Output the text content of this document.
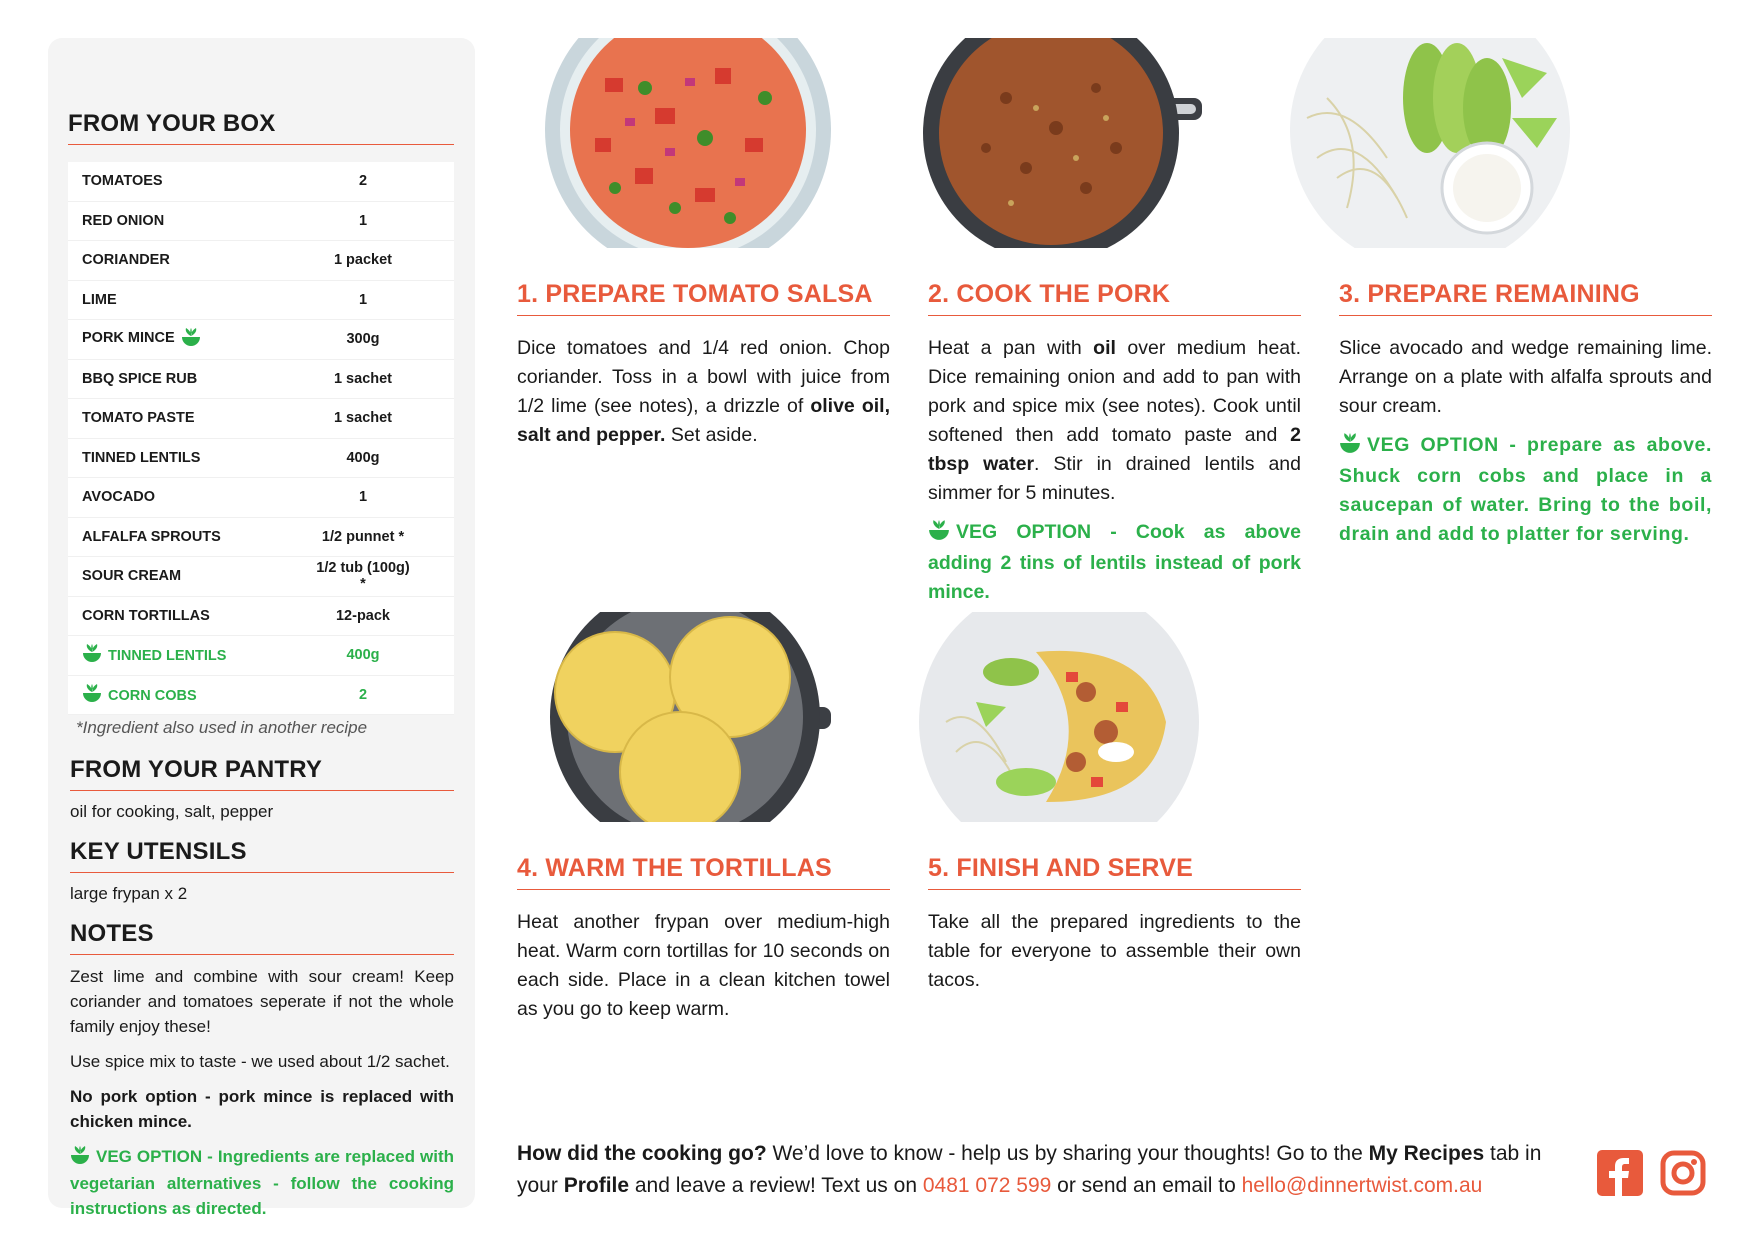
FROM YOUR BOX
TOMATOES	2
RED ONION	1
CORIANDER	1 packet
LIME	1
PORK MINCE	300g
BBQ SPICE RUB	1 sachet
TOMATO PASTE	1 sachet
TINNED LENTILS	400g
AVOCADO	1
ALFALFA SPROUTS	1/2 punnet *
SOUR CREAM	1/2 tub (100g) *
CORN TORTILLAS	12-pack
TINNED LENTILS	400g
CORN COBS	2
*Ingredient also used in another recipe
FROM YOUR PANTRY
oil for cooking, salt, pepper
KEY UTENSILS
large frypan x 2
NOTES

Zest lime and combine with sour cream! Keep coriander and tomatoes seperate if not the whole family enjoy these!

Use spice mix to taste - we used about 1/2 sachet.

No pork option - pork mince is replaced with chicken mince.

VEG OPTION - Ingredients are replaced with vegetarian alternatives - follow the cooking instructions as directed.

1. PREPARE TOMATO SALSA
Dice tomatoes and 1/4 red onion. Chop coriander. Toss in a bowl with juice from 1/2 lime (see notes), a drizzle of olive oil, salt and pepper. Set aside.
2. COOK THE PORK
Heat a pan with oil over medium heat. Dice remaining onion and add to pan with pork and spice mix (see notes). Cook until softened then add tomato paste and 2 tbsp water. Stir in drained lentils and simmer for 5 minutes.
VEG OPTION - Cook as above adding 2 tins of lentils instead of pork mince.
3. PREPARE REMAINING
Slice avocado and wedge remaining lime. Arrange on a plate with alfalfa sprouts and sour cream.
VEG OPTION - prepare as above. Shuck corn cobs and place in a saucepan of water. Bring to the boil, drain and add to platter for serving.
4. WARM THE TORTILLAS
Heat another frypan over medium-high heat. Warm corn tortillas for 10 seconds on each side. Place in a clean kitchen towel as you go to keep warm.
5. FINISH AND SERVE
Take all the prepared ingredients to the table for everyone to assemble their own tacos.
How did the cooking go? We’d love to know - help us by sharing your thoughts! Go to the My Recipes tab in your Profile and leave a review! Text us on 0481 072 599 or send an email to hello@dinnertwist.com.au
